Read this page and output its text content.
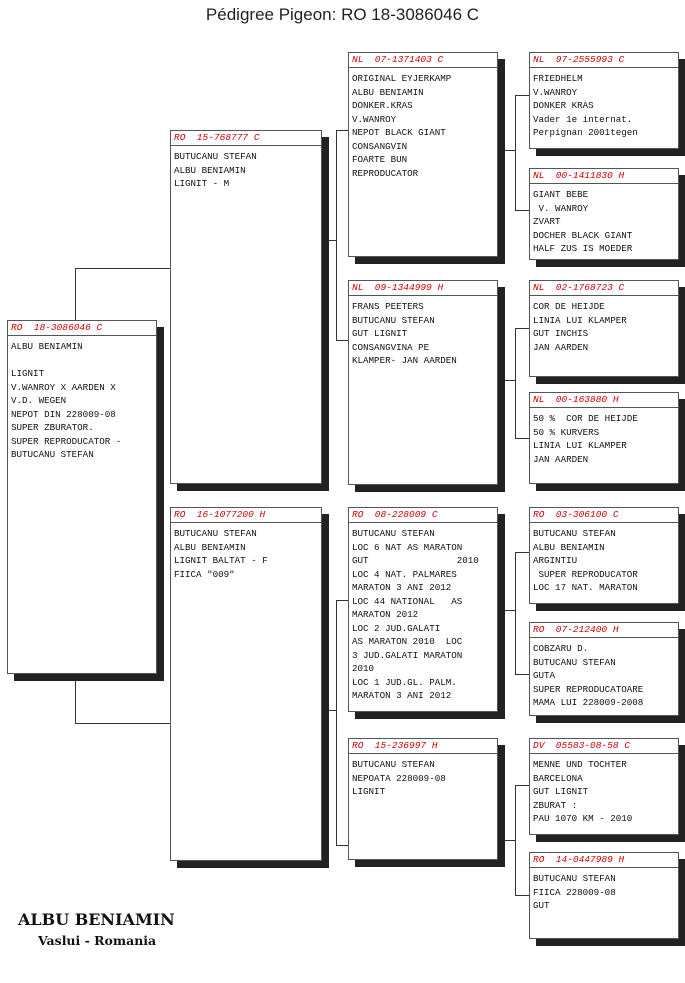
Pédigree Pigeon: RO 18-3086046 C
RO  18-3086046 C
ALBU BENIAMIN
LIGNIT
V.WANROY X AARDEN X
V.D. WEGEN
NEPOT DIN 228009-08
SUPER ZBURATOR.
SUPER REPRODUCATOR -
BUTUCANU STEFAN
RO  15-768777 C
BUTUCANU STEFAN
ALBU BENIAMIN
LIGNIT - M
RO  16-1077200 H
BUTUCANU STEFAN
ALBU BENIAMIN
LIGNIT BALTAT - F
FIICA "009"
NL  07-1371403 C
ORIGINAL EYJERKAMP
ALBU BENIAMIN
DONKER.KRAS
V.WANROY
NEPOT BLACK GIANT
CONSANGVIN
FOARTE BUN
REPRODUCATOR
NL  09-1344999 H
FRANS PEETERS
BUTUCANU STEFAN
GUT LIGNIT
CONSANGVINA PE
KLAMPER- JAN AARDEN
RO  08-228009 C
BUTUCANU STEFAN
LOC 6 NAT AS MARATON
GUT                2010
LOC 4 NAT. PALMARES
MARATON 3 ANI 2012
LOC 44 NATIONAL   AS
MARATON 2012
LOC 2 JUD.GALATI
AS MARATON 2010  LOC
3 JUD.GALATI MARATON
2010
LOC 1 JUD.GL. PALM.
MARATON 3 ANI 2012
RO  15-236997 H
BUTUCANU STEFAN
NEPOATA 228009-08
LIGNIT
NL  97-2555993 C
FRIEDHELM
V.WANROY
DONKER KRAS
Vader 1e internat.
Perpignan 2001tegen
NL  00-1411830 H
GIANT BEBE
V. WANROY
ZVART
DOCHER BLACK GIANT
HALF ZUS IS MOEDER
NL  02-1768723 C
COR DE HEIJDE
LINIA LUI KLAMPER
GUT INCHIS
JAN AARDEN
NL  00-163880 H
50 %  COR DE HEIJDE
50 % KURVERS
LINIA LUI KLAMPER
JAN AARDEN
RO  03-306100 C
BUTUCANU STEFAN
ALBU BENIAMIN
ARGINTIU
SUPER REPRODUCATOR
LOC 17 NAT. MARATON
RO  07-212400 H
COBZARU D.
BUTUCANU STEFAN
GUTA
SUPER REPRODUCATOARE
MAMA LUI 228009-2008
DV  05583-08-58 C
MENNE UND TOCHTER
BARCELONA
GUT LIGNIT
ZBURAT :
PAU 1070 KM - 2010
RO  14-0447989 H
BUTUCANU STEFAN
FIICA 228009-08
GUT
ALBU BENIAMIN
Vaslui - Romania
